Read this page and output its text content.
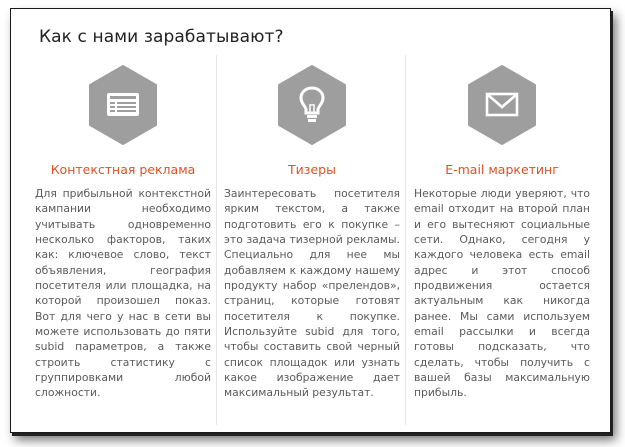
Как с нами зарабатывают?
Контекстная реклама
Для прибыльной контекстной кампании необходимо учитывать одновременно несколько факторов, таких как: ключевое слово, текст объявления, география посетителя или площадка, на которой произошел показ. Вот для чего у нас в сети вы можете использовать до пяти subid параметров, а также строить статистику с группировками любой сложности.
Тизеры
Заинтересовать посетителя ярким текстом, а также подготовить его к покупке – это задача тизерной рекламы. Специально для нее мы добавляем к каждому нашему продукту набор «прелендов», страниц, которые готовят посетителя к покупке. Используйте subid для того, чтобы составить свой черный список площадок или узнать какое изображение дает максимальный результат.
E-mail маркетинг
Некоторые люди уверяют, что email отходит на второй план и его вытесняют социальные сети. Однако, сегодня у каждого человека есть email адрес и этот способ продвижения остается актуальным как никогда ранее. Мы сами используем email рассылки и всегда готовы подсказать, что сделать, чтобы получить с вашей базы максимальную прибыль.
